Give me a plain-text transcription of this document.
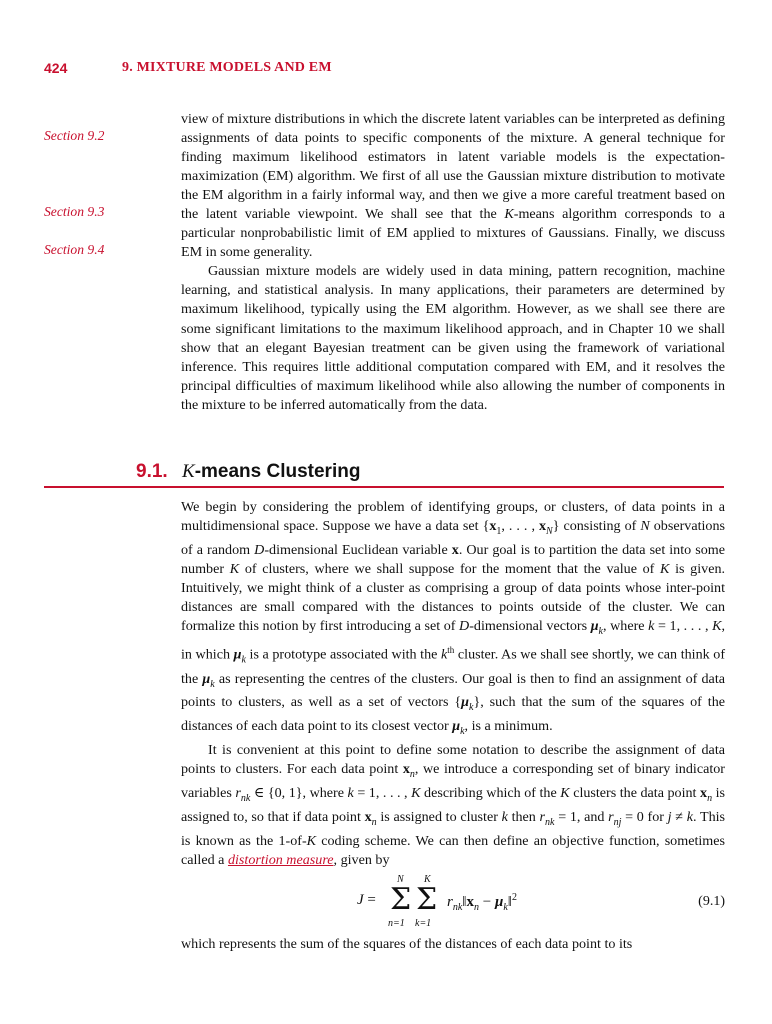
424	9. MIXTURE MODELS AND EM
Section 9.2
Section 9.3
Section 9.4

view of mixture distributions in which the discrete latent variables can be interpreted as defining assignments of data points to specific components of the mixture. A general technique for finding maximum likelihood estimators in latent variable models is the expectation-maximization (EM) algorithm. We first of all use the Gaussian mixture distribution to motivate the EM algorithm in a fairly informal way, and then we give a more careful treatment based on the latent variable viewpoint. We shall see that the K-means algorithm corresponds to a particular nonprobabilistic limit of EM applied to mixtures of Gaussians. Finally, we discuss EM in some generality.

Gaussian mixture models are widely used in data mining, pattern recognition, machine learning, and statistical analysis. In many applications, their parameters are determined by maximum likelihood, typically using the EM algorithm. However, as we shall see there are some significant limitations to the maximum likelihood approach, and in Chapter 10 we shall show that an elegant Bayesian treatment can be given using the framework of variational inference. This requires little additional computation compared with EM, and it resolves the principal difficulties of maximum likelihood while also allowing the number of components in the mixture to be inferred automatically from the data.

9.1. K-means Clustering

We begin by considering the problem of identifying groups, or clusters, of data points in a multidimensional space. Suppose we have a data set {$x_1$, . . . , $x_N$} consisting of N observations of a random D-dimensional Euclidean variable x. Our goal is to partition the data set into some number K of clusters, where we shall suppose for the moment that the value of K is given. Intuitively, we might think of a cluster as comprising a group of data points whose inter-point distances are small compared with the distances to points outside of the cluster. We can formalize this notion by first introducing a set of D-dimensional vectors $\mu_k$, where k = 1, . . . , K, in which $\mu_k$ is a prototype associated with the $k^{th}$ cluster. As we shall see shortly, we can think of the $\mu_k$ as representing the centres of the clusters. Our goal is then to find an assignment of data points to clusters, as well as a set of vectors $\{\mu_k\}$, such that the sum of the squares of the distances of each data point to its closest vector $\mu_k$, is a minimum.

It is convenient at this point to define some notation to describe the assignment of data points to clusters. For each data point $x_n$, we introduce a corresponding set of binary indicator variables $r_{nk}$ ∈ {0, 1}, where k = 1, . . . , K describing which of the K clusters the data point $x_n$ is assigned to, so that if data point $x_n$ is assigned to cluster k then $r_{nk} = 1$, and $r_{nj} = 0$ for j ≠ k. This is known as the 1-of-K coding scheme. We can then define an objective function, sometimes called a distortion measure, given by

J =
N
Σ
n=1
K
Σ
k=1
$r_{nk}‖x_n$ − $\mu_k‖^2$	(9.1)
which represents the sum of the squares of the distances of each data point to its
